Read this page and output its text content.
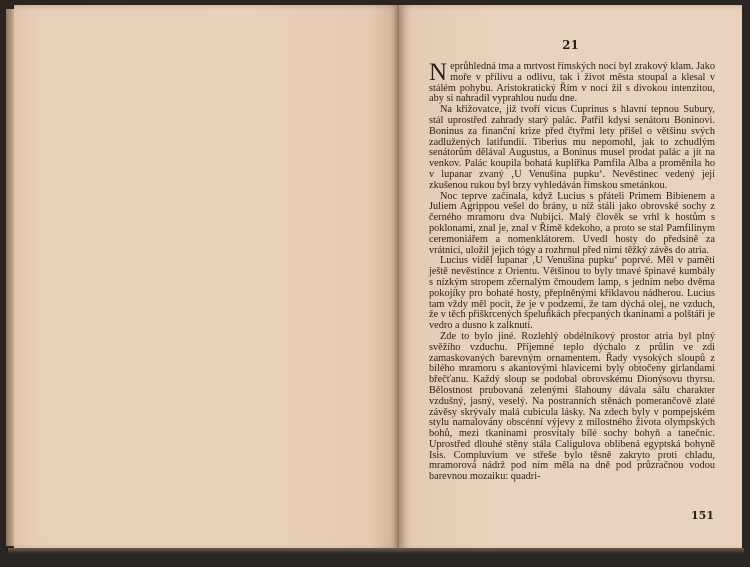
21

Neprůhledná tma a mrtvost římských nocí byl zrakový klam. Jako moře v přílivu a odlivu, tak i život města stoupal a klesal v stálém pohybu. Aristokratický Řím v noci žil s divokou intenzitou, aby si nahradil vyprahlou nudu dne.

Na křižovatce, již tvoří vicus Cuprinus s hlavní tepnou Subury, stál uprostřed zahrady starý palác. Patřil kdysi senátoru Boninovi. Boninus za finanční krize před čtyřmi lety přišel o většinu svých zadlužených latifundií. Tiberius mu nepomohl, jak to zchudlým senátorům dělával Augustus, a Boninus musel prodat palác a jít na venkov. Palác koupila bohatá kuplířka Pamfila Alba a proměnila ho v lupanar zvaný ‚U Venušina pupku‘. Nevěstinec vedený její zkušenou rukou byl brzy vyhledáván římskou smetánkou.

Noc teprve začínala, když Lucius s přáteli Primem Bibienem a Juliem Agrippou vešel do brány, u níž stáli jako obrovské sochy z černého mramoru dva Nubijci. Malý člověk se vrhl k hostům s poklonami, znal je, znal v Římě kdekoho, a proto se stal Pamfilinym ceremoniářem a nomenklátorem. Uvedl hosty do předsíně za vrátnicí, uložil jejich tógy a rozhrnul před nimi těžký závěs do atria.

Lucius viděl lupanar ‚U Venušina pupku‘ poprvé. Měl v paměti ještě nevěstince z Orientu. Většinou to byly tmavé špinavé kumbály s nízkým stropem zčernalým čmoudem lamp, s jedním nebo dvěma pokojíky pro bohaté hosty, přeplněnými křiklavou nádherou. Lucius tam vždy měl pocit, že je v podzemí, že tam dýchá olej, ne vzduch, že v těch přiškrcených špeluňkách přecpaných tkaninami a polštáři je vedro a dusno k zalknutí.

Zde to bylo jiné. Rozlehlý obdélníkový prostor atria byl plný svěžího vzduchu. Příjemné teplo dýchalo z průlin ve zdi zamaskovaných barevným ornamentem. Řady vysokých sloupů z bílého mramoru s akantovými hlavicemi byly obtočeny girlandami břečťanu. Každý sloup se podobal obrovskému Dionýsovu thyrsu. Bělostnost prubovaná zelenými šlahouny dávala sálu charakter vzdušný, jasný, veselý. Na postranních stěnách pomerančově zlaté závěsy skrývaly malá cubicula lásky. Na zdech byly v pompejském stylu namalovány obscénní výjevy z milostného života olympských bohů, mezi tkaninami prosvítaly bílé sochy bohyň a tanečnic. Uprostřed dlouhé stěny stála Caligulova oblíbená egyptská bohyně Isis. Compluvium ve střeše bylo těsně zakryto proti chladu, mramorová nádrž pod ním měla na dně pod průzračnou vodou barevnou mozaiku: quadri-

151
